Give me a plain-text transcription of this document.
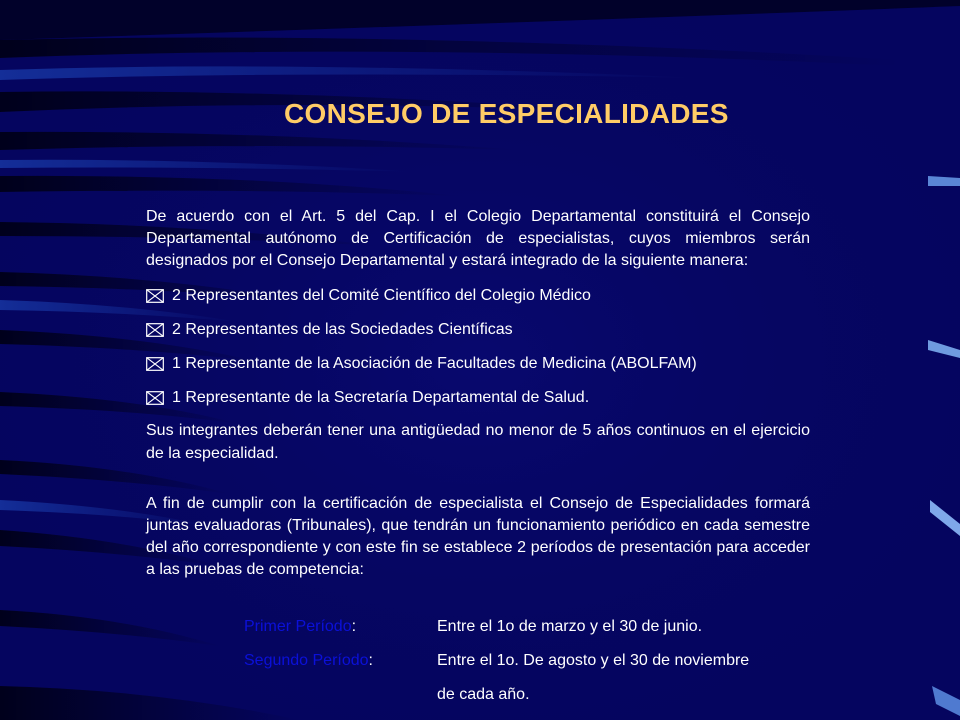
CONSEJO DE ESPECIALIDADES

De acuerdo con el Art. 5 del Cap. I el Colegio Departamental constituirá el Consejo Departamental autónomo de Certificación de especialistas, cuyos miembros serán designados por el Consejo Departamental y estará integrado de la siguiente manera:

2 Representantes del Comité Científico del Colegio Médico
2 Representantes de las Sociedades Científicas
1 Representante de la Asociación de Facultades de Medicina (ABOLFAM)
1 Representante de la Secretaría Departamental de Salud.

Sus integrantes deberán tener una antigüedad no menor de 5 años continuos en el ejercicio de la especialidad.

A fin de cumplir con la certificación de especialista el Consejo de Especialidades formará juntas evaluadoras (Tribunales), que tendrán un funcionamiento periódico en cada semestre del año correspondiente y con este fin se establece 2 períodos de presentación para acceder a las pruebas de competencia:

Primer Período:	Entre el 1o de marzo y el 30 de junio.
Segundo Período:	Entre el 1o. De agosto y el 30 de noviembre
de cada año.
